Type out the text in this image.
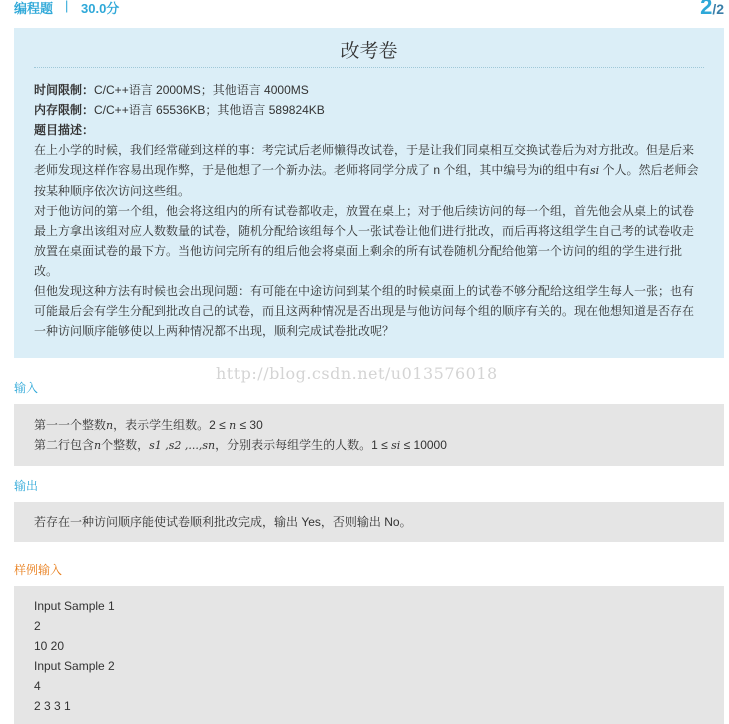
编程题 | 30.0分	2/2
改考卷
时间限制：C/C++语言 2000MS；其他语言 4000MS
内存限制：C/C++语言 65536KB；其他语言 589824KB
题目描述：
在上小学的时候，我们经常碰到这样的事：考完试后老师懒得改试卷，于是让我们同桌相互交换试卷后为对方批改。但是后来
老师发现这样作容易出现作弊，于是他想了一个新办法。老师将同学分成了 n 个组，其中编号为i的组中有si 个人。然后老师会
按某种顺序依次访问这些组。
对于他访问的第一个组，他会将这组内的所有试卷都收走，放置在桌上；对于他后续访问的每一个组，首先他会从桌上的试卷
最上方拿出该组对应人数数量的试卷，随机分配给该组每个人一张试卷让他们进行批改，而后再将这组学生自己考的试卷收走
放置在桌面试卷的最下方。当他访问完所有的组后他会将桌面上剩余的所有试卷随机分配给他第一个访问的组的学生进行批
改。
但他发现这种方法有时候也会出现问题：有可能在中途访问到某个组的时候桌面上的试卷不够分配给这组学生每人一张；也有
可能最后会有学生分配到批改自己的试卷，而且这两种情况是否出现是与他访问每个组的顺序有关的。现在他想知道是否存在
一种访问顺序能够使以上两种情况都不出现，顺利完成试卷批改呢？
http://blog.csdn.net/u013576018
输入
第一一个整数n，表示学生组数。2 ≤ n ≤ 30
第二行包含n个整数，s1 ,s2 ,...,sn，分别表示每组学生的人数。1 ≤ si ≤ 10000
输出
若存在一种访问顺序能使试卷顺利批改完成，输出 Yes，否则输出 No。
样例输入
Input Sample 1
2
10 20
Input Sample 2
4
2 3 3 1
